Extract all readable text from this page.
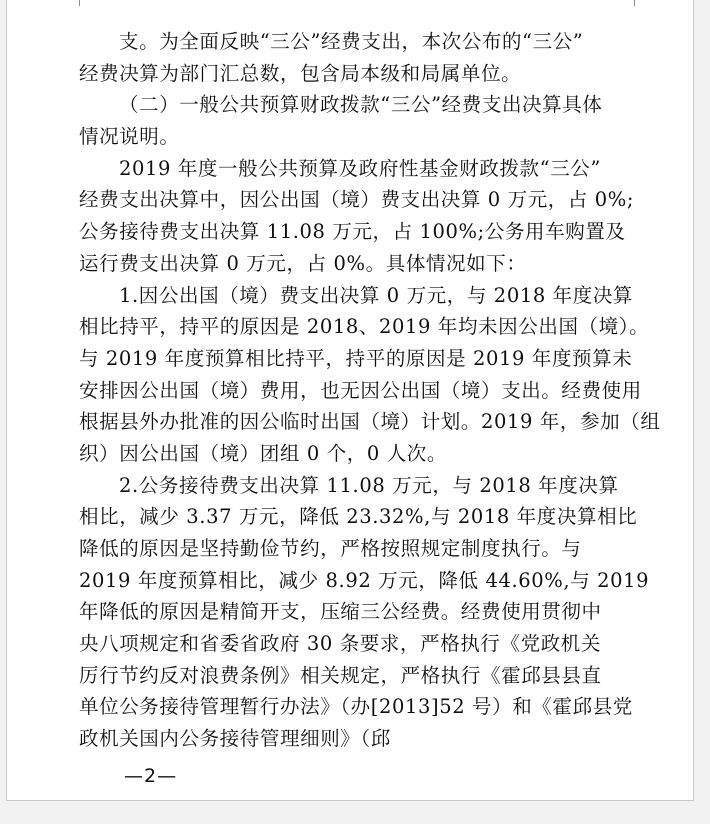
支。为全面反映“三公”经费支出，本次公布的“三公”
经费决算为部门汇总数，包含局本级和局属单位。
（二）一般公共预算财政拨款“三公”经费支出决算具体
情况说明。
2019 年度一般公共预算及政府性基金财政拨款“三公”
经费支出决算中，因公出国（境）费支出决算 0 万元，占 0%;
公务接待费支出决算 11.08 万元，占 100%;公务用车购置及
运行费支出决算 0 万元，占 0%。具体情况如下：
1.因公出国（境）费支出决算 0 万元，与 2018 年度决算
相比持平，持平的原因是 2018、2019 年均未因公出国（境）。
与 2019 年度预算相比持平，持平的原因是 2019 年度预算未
安排因公出国（境）费用，也无因公出国（境）支出。经费使用
根据县外办批准的因公临时出国（境）计划。2019 年，参加（组
织）因公出国（境）团组 0 个，0 人次。
2.公务接待费支出决算 11.08 万元，与 2018 年度决算
相比，减少 3.37 万元，降低 23.32%,与 2018 年度决算相比
降低的原因是坚持勤俭节约，严格按照规定制度执行。与
2019 年度预算相比，减少 8.92 万元，降低 44.60%,与 2019
年降低的原因是精简开支，压缩三公经费。经费使用贯彻中
央八项规定和省委省政府 30 条要求，严格执行《党政机关
厉行节约反对浪费条例》相关规定，严格执行《霍邱县县直
单位公务接待管理暂行办法》（办[2013]52 号）和《霍邱县党
政机关国内公务接待管理细则》（邱
—2—
